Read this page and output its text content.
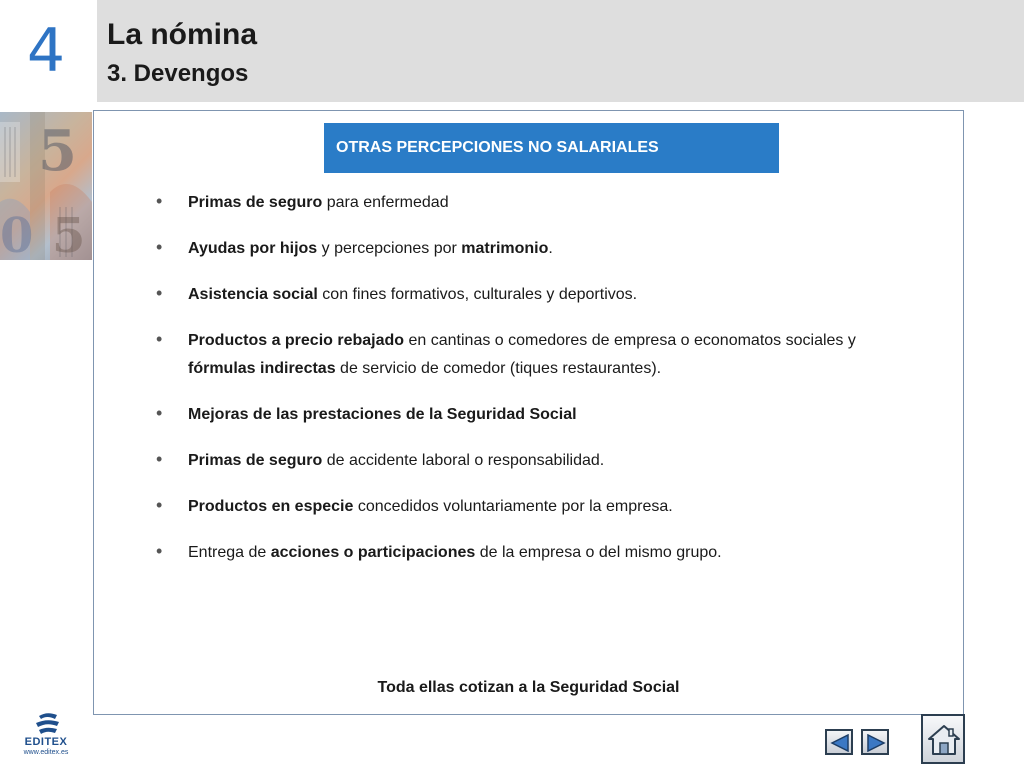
4 La nómina
3. Devengos
5
0 5
OTRAS PERCEPCIONES NO SALARIALES
• Primas de seguro para enfermedad
• Ayudas por hijos y percepciones por matrimonio.
• Asistencia social con fines formativos, culturales y deportivos.
• Productos a precio rebajado en cantinas o comedores de empresa o economatos sociales y fórmulas indirectas de servicio de comedor (tiques restaurantes).
• Mejoras de las prestaciones de la Seguridad Social
• Primas de seguro de accidente laboral o responsabilidad.
• Productos en especie concedidos voluntariamente por la empresa.
• Entrega de acciones o participaciones de la empresa o del mismo grupo.
Toda ellas cotizan a la Seguridad Social
EDITEX
www.editex.es
